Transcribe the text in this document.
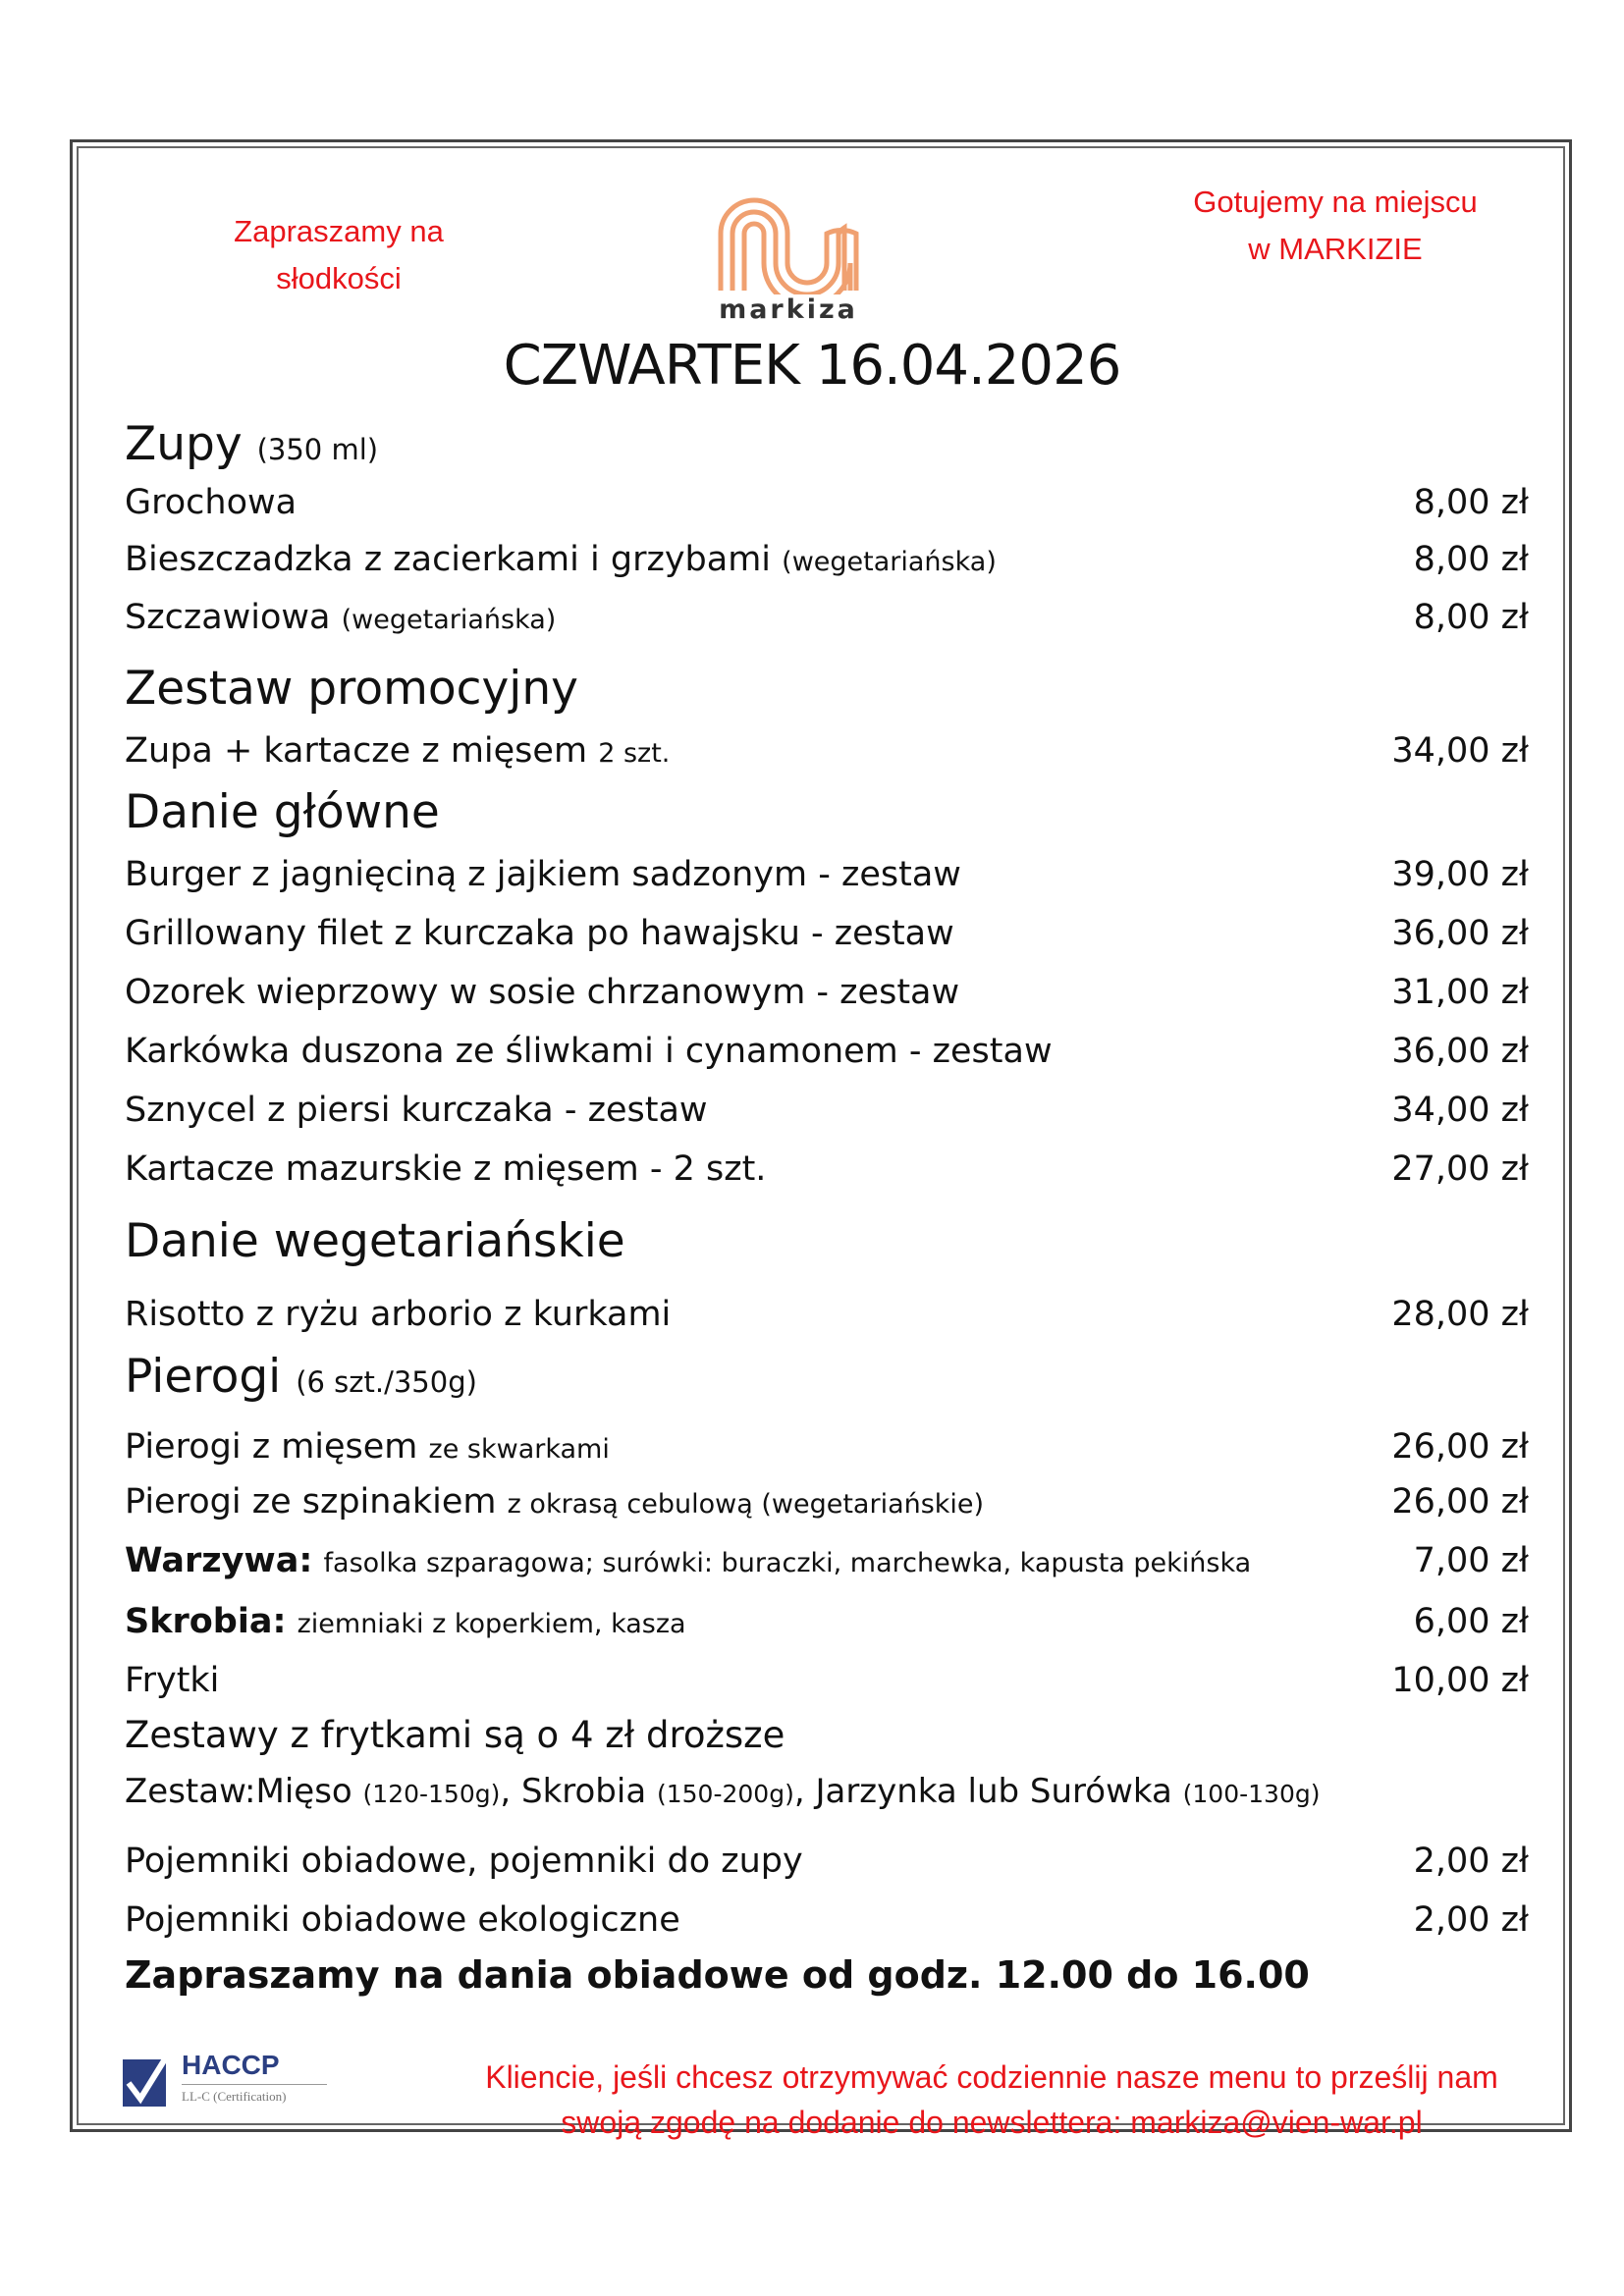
Zapraszamy na
słodkości
Gotujemy na miejscu
w MARKIZIE
markiza
CZWARTEK 16.04.2026
Zupy (350 ml)
Grochowa	8,00 zł
Bieszczadzka z zacierkami i grzybami (wegetariańska)	8,00 zł
Szczawiowa (wegetariańska)	8,00 zł
Zestaw promocyjny
Zupa + kartacze z mięsem 2 szt.	34,00 zł
Danie główne
Burger z jagnięciną z jajkiem sadzonym - zestaw	39,00 zł
Grillowany filet z kurczaka po hawajsku - zestaw	36,00 zł
Ozorek wieprzowy w sosie chrzanowym - zestaw	31,00 zł
Karkówka duszona ze śliwkami i cynamonem - zestaw	36,00 zł
Sznycel z piersi kurczaka - zestaw	34,00 zł
Kartacze mazurskie z mięsem - 2 szt.	27,00 zł
Danie wegetariańskie
Risotto z ryżu arborio z kurkami	28,00 zł
Pierogi (6 szt./350g)
Pierogi z mięsem ze skwarkami	26,00 zł
Pierogi ze szpinakiem z okrasą cebulową (wegetariańskie)	26,00 zł
Warzywa: fasolka szparagowa; surówki: buraczki, marchewka, kapusta pekińska	7,00 zł
Skrobia: ziemniaki z koperkiem, kasza	6,00 zł
Frytki	10,00 zł
Zestawy z frytkami są o 4 zł droższe
Zestaw:Mięso (120-150g), Skrobia (150-200g), Jarzynka lub Surówka (100-130g)
Pojemniki obiadowe, pojemniki do zupy	2,00 zł
Pojemniki obiadowe ekologiczne	2,00 zł
Zapraszamy na dania obiadowe od godz. 12.00 do 16.00
HACCP
LL-C (Certification)
Kliencie, jeśli chcesz otrzymywać codziennie nasze menu to prześlij nam
swoją zgodę na dodanie do newslettera: markiza@vien-war.pl
